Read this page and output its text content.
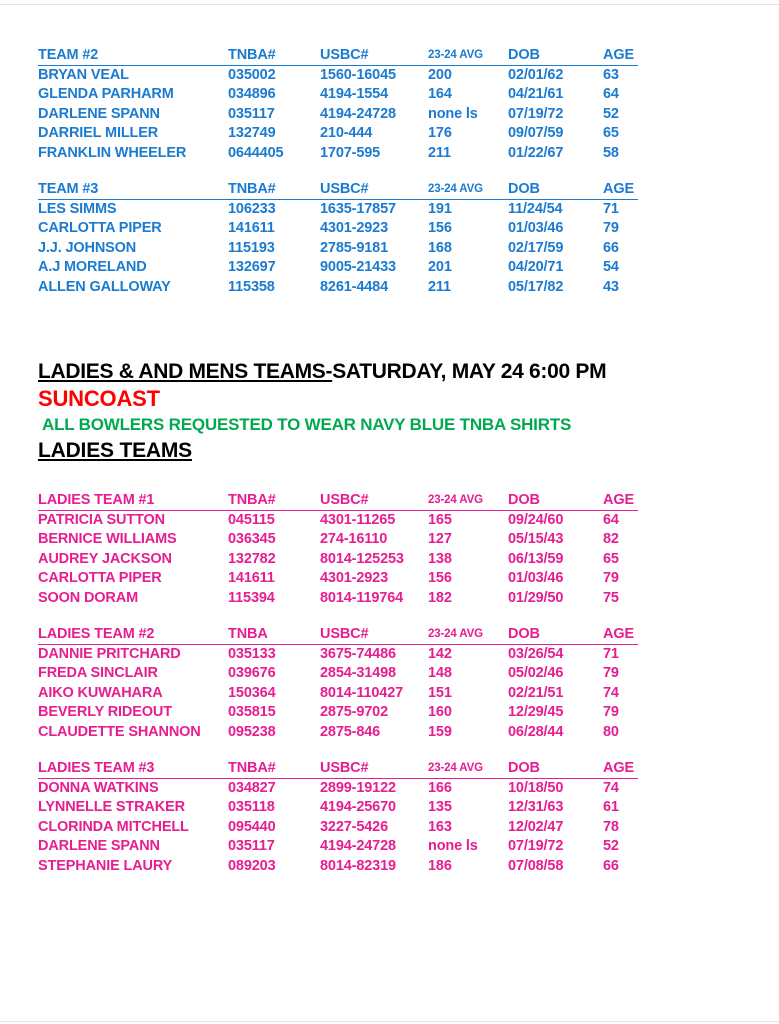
TEAM #2	TNBA#	USBC#	23-24 AVG	DOB	AGE
BRYAN VEAL	035002	1560-16045	200	02/01/62	63
GLENDA PARHARM	034896	4194-1554	164	04/21/61	64
DARLENE SPANN	035117	4194-24728	none ls	07/19/72	52
DARRIEL MILLER	132749	210-444	176	09/07/59	65
FRANKLIN WHEELER	0644405	1707-595	211	01/22/67	58
TEAM #3	TNBA#	USBC#	23-24 AVG	DOB	AGE
LES SIMMS	106233	1635-17857	191	11/24/54	71
CARLOTTA PIPER	141611	4301-2923	156	01/03/46	79
J.J. JOHNSON	115193	2785-9181	168	02/17/59	66
A.J MORELAND	132697	9005-21433	201	04/20/71	54
ALLEN GALLOWAY	115358	8261-4484	211	05/17/82	43
LADIES & AND MENS TEAMS-SATURDAY, MAY 24 6:00 PM
SUNCOAST
ALL BOWLERS REQUESTED TO WEAR NAVY BLUE TNBA SHIRTS
LADIES TEAMS
LADIES TEAM #1	TNBA#	USBC#	23-24 AVG	DOB	AGE
PATRICIA SUTTON	045115	4301-11265	165	09/24/60	64
BERNICE WILLIAMS	036345	274-16110	127	05/15/43	82
AUDREY JACKSON	132782	8014-125253	138	06/13/59	65
CARLOTTA PIPER	141611	4301-2923	156	01/03/46	79
SOON DORAM	115394	8014-119764	182	01/29/50	75
LADIES TEAM #2	TNBA	USBC#	23-24 AVG	DOB	AGE
DANNIE PRITCHARD	035133	3675-74486	142	03/26/54	71
FREDA SINCLAIR	039676	2854-31498	148	05/02/46	79
AIKO KUWAHARA	150364	8014-110427	151	02/21/51	74
BEVERLY RIDEOUT	035815	2875-9702	160	12/29/45	79
CLAUDETTE SHANNON	095238	2875-846	159	06/28/44	80
LADIES TEAM #3	TNBA#	USBC#	23-24 AVG	DOB	AGE
DONNA WATKINS	034827	2899-19122	166	10/18/50	74
LYNNELLE STRAKER	035118	4194-25670	135	12/31/63	61
CLORINDA MITCHELL	095440	3227-5426	163	12/02/47	78
DARLENE SPANN	035117	4194-24728	none ls	07/19/72	52
STEPHANIE LAURY	089203	8014-82319	186	07/08/58	66
